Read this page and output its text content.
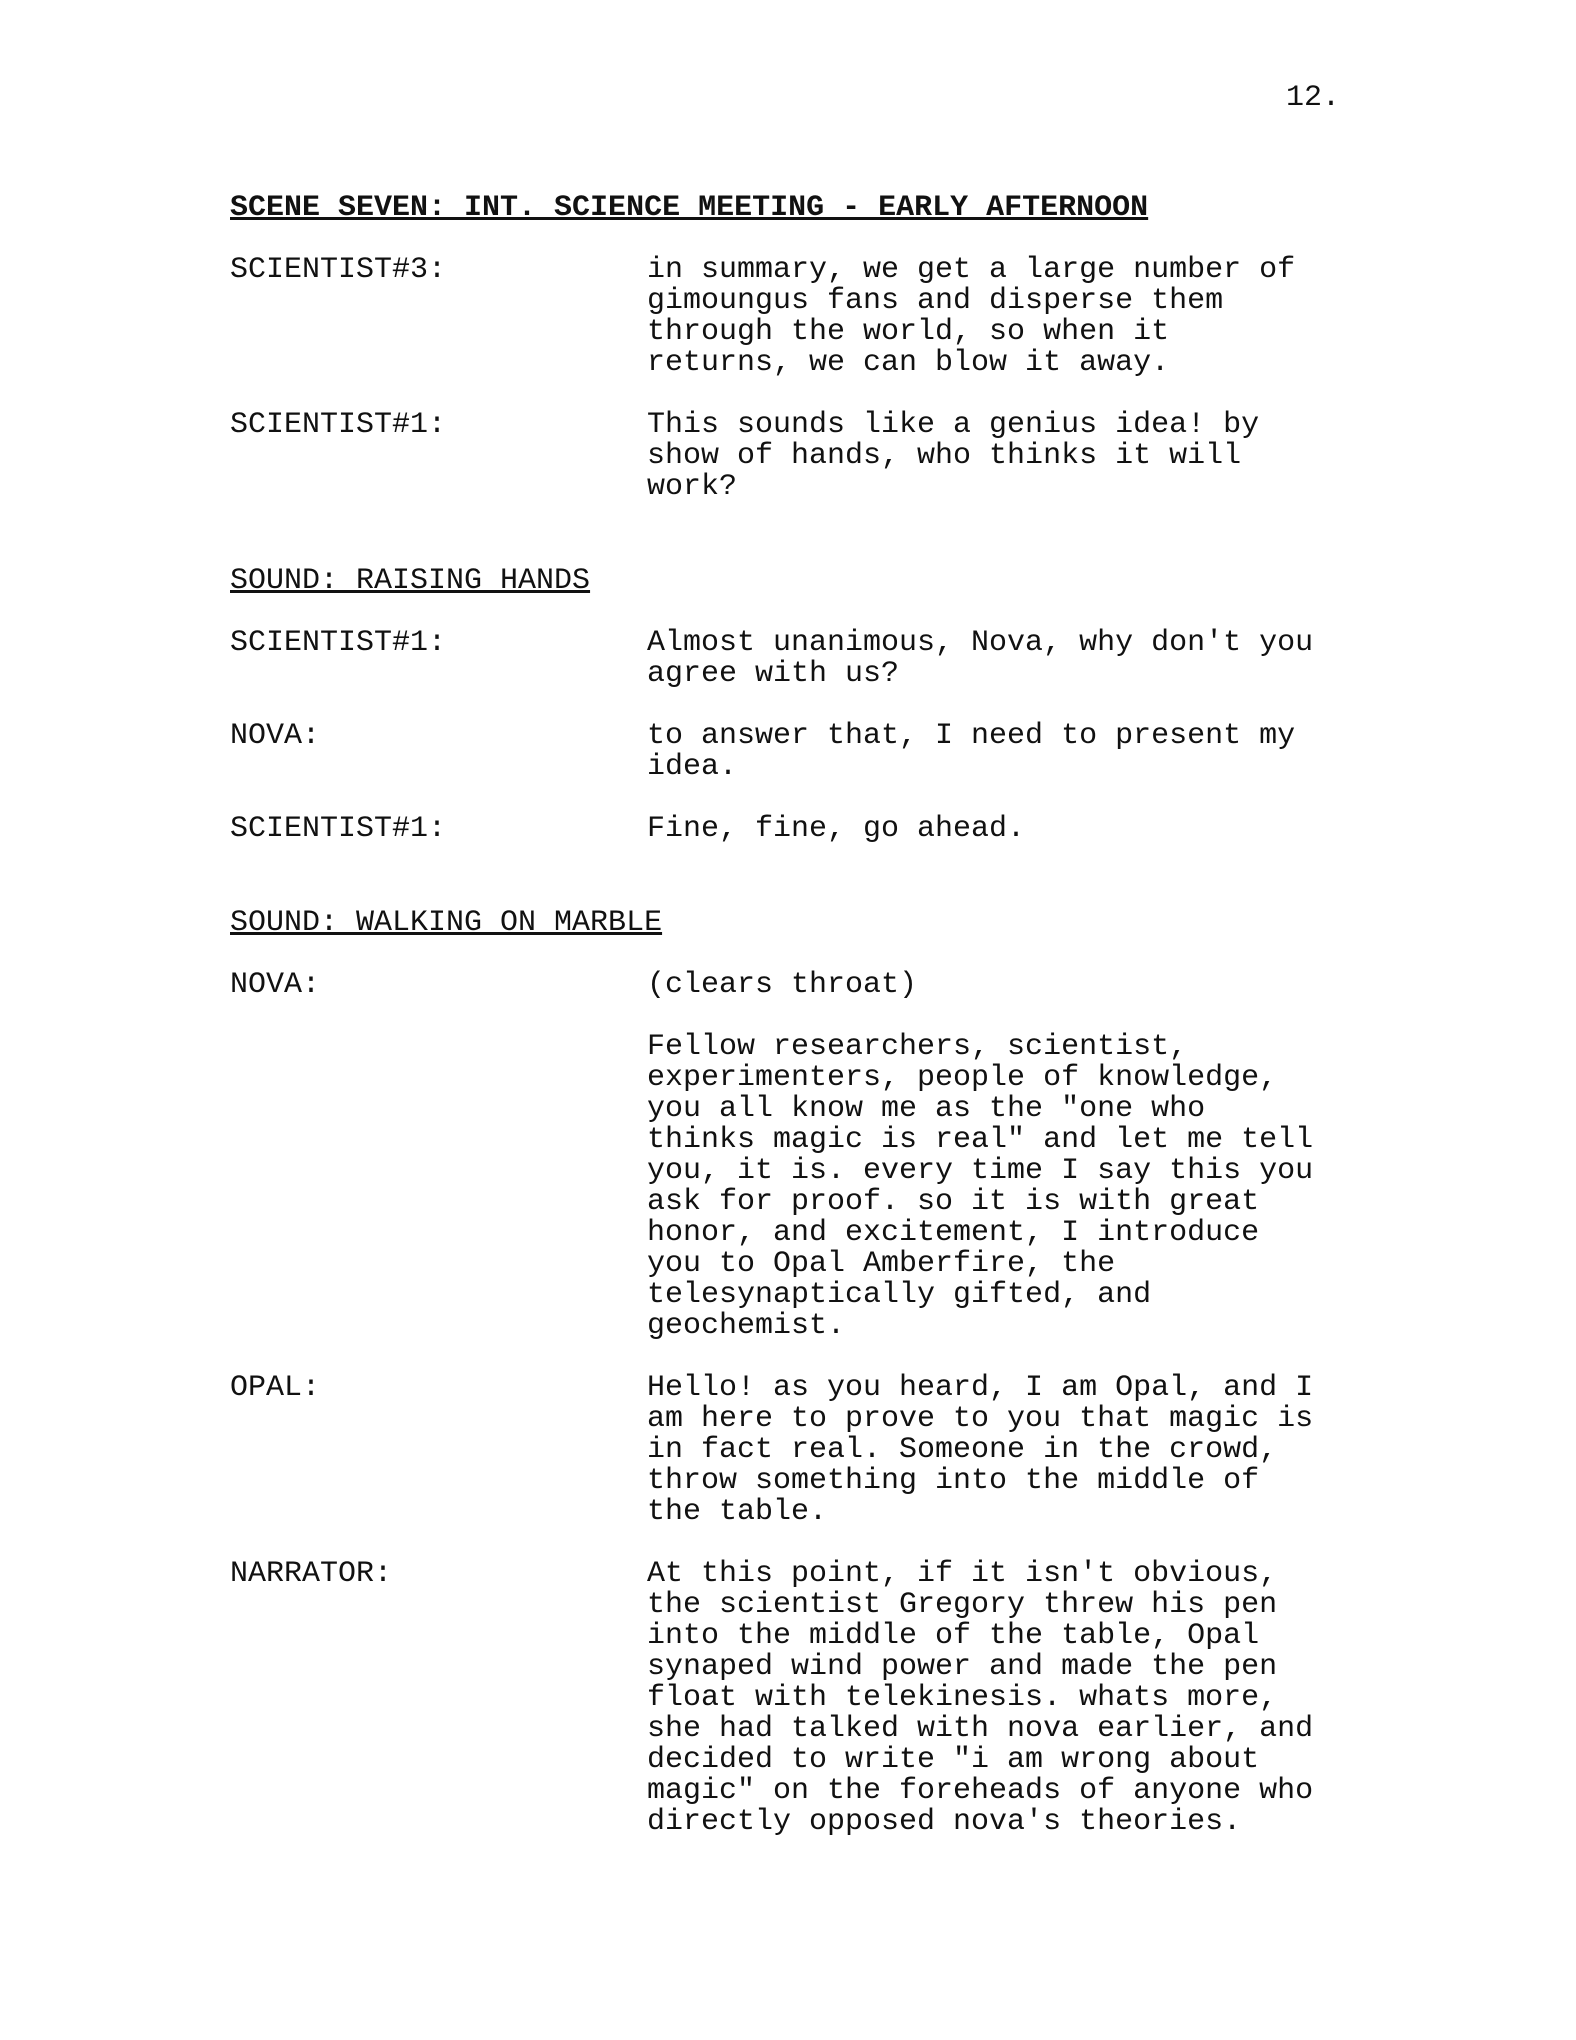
12.
SCENE SEVEN: INT. SCIENCE MEETING - EARLY AFTERNOON
SCIENTIST#3:	in summary, we get a large number of
gimoungus fans and disperse them
through the world, so when it
returns, we can blow it away.
SCIENTIST#1:	This sounds like a genius idea! by
show of hands, who thinks it will
work?
SOUND: RAISING HANDS
SCIENTIST#1:	Almost unanimous, Nova, why don't you
agree with us?
NOVA:	to answer that, I need to present my
idea.
SCIENTIST#1:	Fine, fine, go ahead.
SOUND: WALKING ON MARBLE
NOVA:	(clears throat)
Fellow researchers, scientist,
experimenters, people of knowledge,
you all know me as the "one who
thinks magic is real" and let me tell
you, it is. every time I say this you
ask for proof. so it is with great
honor, and excitement, I introduce
you to Opal Amberfire, the
telesynaptically gifted, and
geochemist.
OPAL:	Hello! as you heard, I am Opal, and I
am here to prove to you that magic is
in fact real. Someone in the crowd,
throw something into the middle of
the table.
NARRATOR:	At this point, if it isn't obvious,
the scientist Gregory threw his pen
into the middle of the table, Opal
synaped wind power and made the pen
float with telekinesis. whats more,
she had talked with nova earlier, and
decided to write "i am wrong about
magic" on the foreheads of anyone who
directly opposed nova's theories.
